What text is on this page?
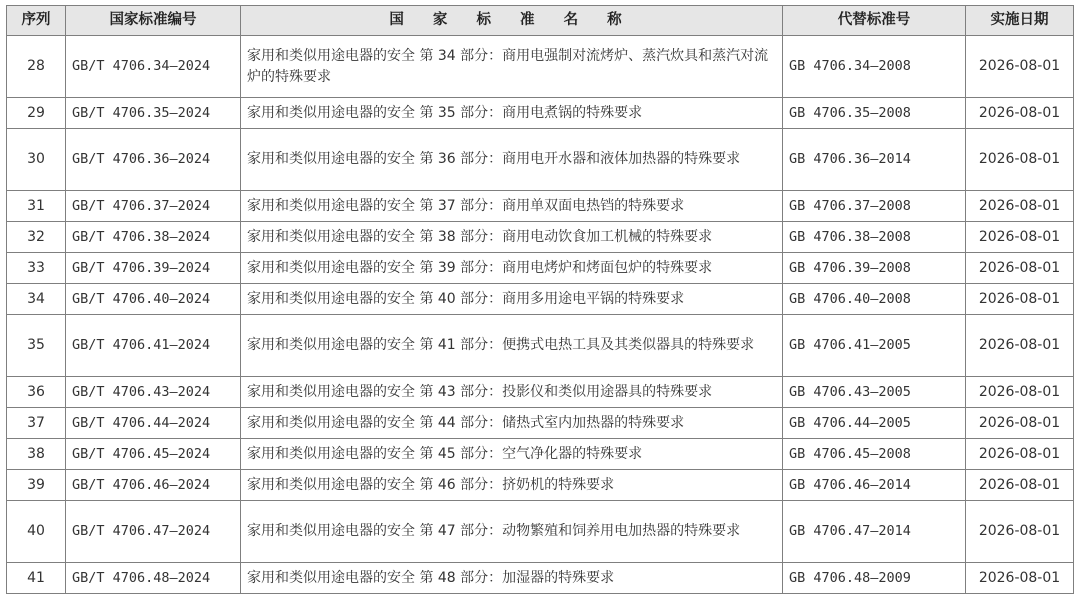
序列	国家标准编号	国 家 标 准 名 称	代替标准号	实施日期
28	GB/T 4706.34—2024	家用和类似用途电器的安全 第 34 部分：商用电强制对流烤炉、蒸汽炊具和蒸汽对流炉的特殊要求	GB 4706.34—2008	2026-08-01
29	GB/T 4706.35—2024	家用和类似用途电器的安全 第 35 部分：商用电煮锅的特殊要求	GB 4706.35—2008	2026-08-01
30	GB/T 4706.36—2024	家用和类似用途电器的安全 第 36 部分：商用电开水器和液体加热器的特殊要求	GB 4706.36—2014	2026-08-01
31	GB/T 4706.37—2024	家用和类似用途电器的安全 第 37 部分：商用单双面电热铛的特殊要求	GB 4706.37—2008	2026-08-01
32	GB/T 4706.38—2024	家用和类似用途电器的安全 第 38 部分：商用电动饮食加工机械的特殊要求	GB 4706.38—2008	2026-08-01
33	GB/T 4706.39—2024	家用和类似用途电器的安全 第 39 部分：商用电烤炉和烤面包炉的特殊要求	GB 4706.39—2008	2026-08-01
34	GB/T 4706.40—2024	家用和类似用途电器的安全 第 40 部分：商用多用途电平锅的特殊要求	GB 4706.40—2008	2026-08-01
35	GB/T 4706.41—2024	家用和类似用途电器的安全 第 41 部分：便携式电热工具及其类似器具的特殊要求	GB 4706.41—2005	2026-08-01
36	GB/T 4706.43—2024	家用和类似用途电器的安全 第 43 部分：投影仪和类似用途器具的特殊要求	GB 4706.43—2005	2026-08-01
37	GB/T 4706.44—2024	家用和类似用途电器的安全 第 44 部分：储热式室内加热器的特殊要求	GB 4706.44—2005	2026-08-01
38	GB/T 4706.45—2024	家用和类似用途电器的安全 第 45 部分：空气净化器的特殊要求	GB 4706.45—2008	2026-08-01
39	GB/T 4706.46—2024	家用和类似用途电器的安全 第 46 部分：挤奶机的特殊要求	GB 4706.46—2014	2026-08-01
40	GB/T 4706.47—2024	家用和类似用途电器的安全 第 47 部分：动物繁殖和饲养用电加热器的特殊要求	GB 4706.47—2014	2026-08-01
41	GB/T 4706.48—2024	家用和类似用途电器的安全 第 48 部分：加湿器的特殊要求	GB 4706.48—2009	2026-08-01
